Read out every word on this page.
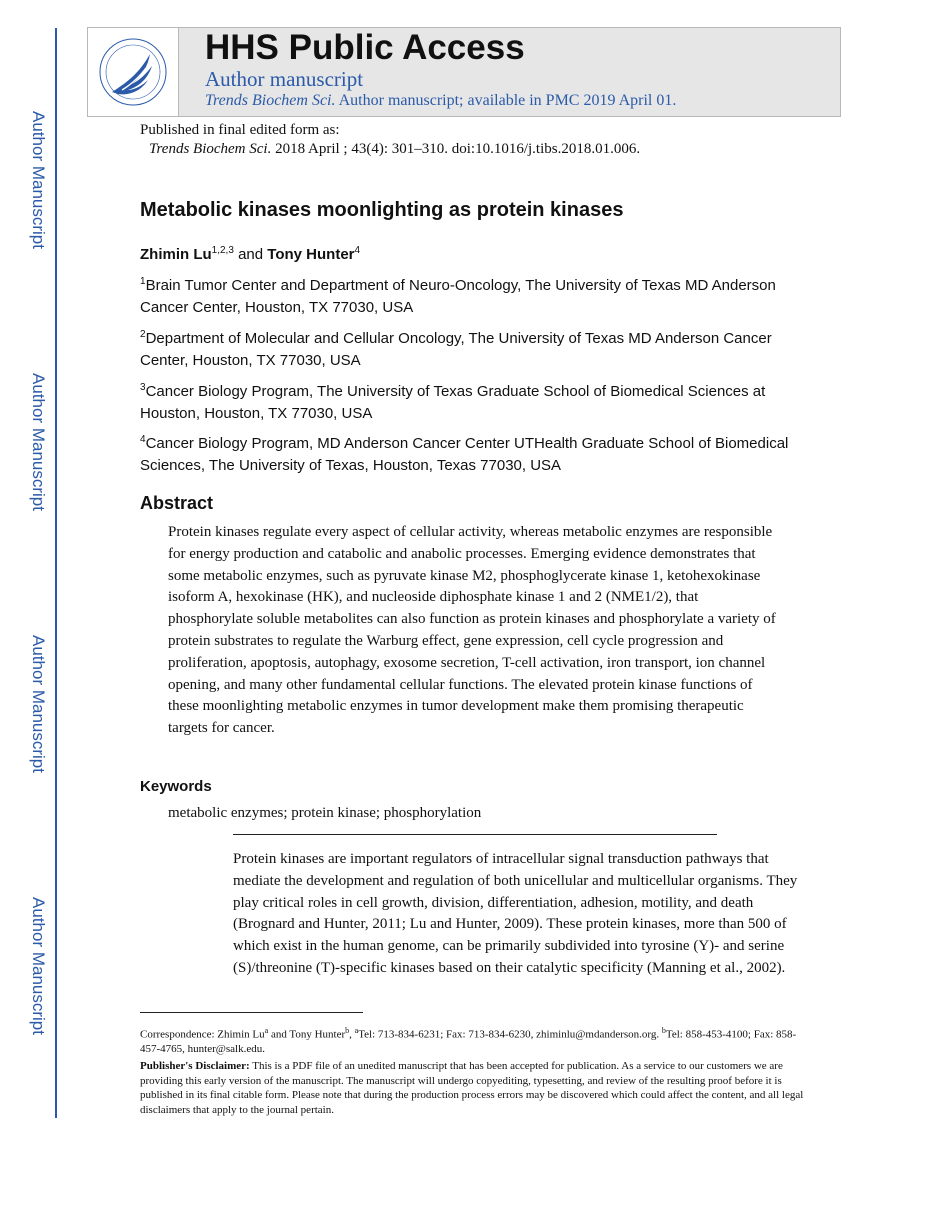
Author Manuscript
Author Manuscript
Author Manuscript
Author Manuscript
HHS Public Access
Author manuscript
Trends Biochem Sci. Author manuscript; available in PMC 2019 April 01.
Published in final edited form as:
Trends Biochem Sci. 2018 April ; 43(4): 301–310. doi:10.1016/j.tibs.2018.01.006.
Metabolic kinases moonlighting as protein kinases
Zhimin Lu$^{1,2,3}$ and Tony Hunter$^4$
$^1$Brain Tumor Center and Department of Neuro-Oncology, The University of Texas MD Anderson Cancer Center, Houston, TX 77030, USA
$^2$Department of Molecular and Cellular Oncology, The University of Texas MD Anderson Cancer Center, Houston, TX 77030, USA
$^3$Cancer Biology Program, The University of Texas Graduate School of Biomedical Sciences at Houston, Houston, TX 77030, USA
$^4$Cancer Biology Program, MD Anderson Cancer Center UTHealth Graduate School of Biomedical Sciences, The University of Texas, Houston, Texas 77030, USA
Abstract
Protein kinases regulate every aspect of cellular activity, whereas metabolic enzymes are responsible for energy production and catabolic and anabolic processes. Emerging evidence demonstrates that some metabolic enzymes, such as pyruvate kinase M2, phosphoglycerate kinase 1, ketohexokinase isoform A, hexokinase (HK), and nucleoside diphosphate kinase 1 and 2 (NME1/2), that phosphorylate soluble metabolites can also function as protein kinases and phosphorylate a variety of protein substrates to regulate the Warburg effect, gene expression, cell cycle progression and proliferation, apoptosis, autophagy, exosome secretion, T-cell activation, iron transport, ion channel opening, and many other fundamental cellular functions. The elevated protein kinase functions of these moonlighting metabolic enzymes in tumor development make them promising therapeutic targets for cancer.
Keywords
metabolic enzymes; protein kinase; phosphorylation
Protein kinases are important regulators of intracellular signal transduction pathways that mediate the development and regulation of both unicellular and multicellular organisms. They play critical roles in cell growth, division, differentiation, adhesion, motility, and death (Brognard and Hunter, 2011; Lu and Hunter, 2009). These protein kinases, more than 500 of which exist in the human genome, can be primarily subdivided into tyrosine (Y)- and serine (S)/threonine (T)-specific kinases based on their catalytic specificity (Manning et al., 2002).
Correspondence: Zhimin Lu$^a$ and Tony Hunter$^b$, $^a$Tel: 713-834-6231; Fax: 713-834-6230, zhiminlu@mdanderson.org. $^b$Tel: 858-453-4100; Fax: 858-457-4765, hunter@salk.edu.
Publisher's Disclaimer: This is a PDF file of an unedited manuscript that has been accepted for publication. As a service to our customers we are providing this early version of the manuscript. The manuscript will undergo copyediting, typesetting, and review of the resulting proof before it is published in its final citable form. Please note that during the production process errors may be discovered which could affect the content, and all legal disclaimers that apply to the journal pertain.
